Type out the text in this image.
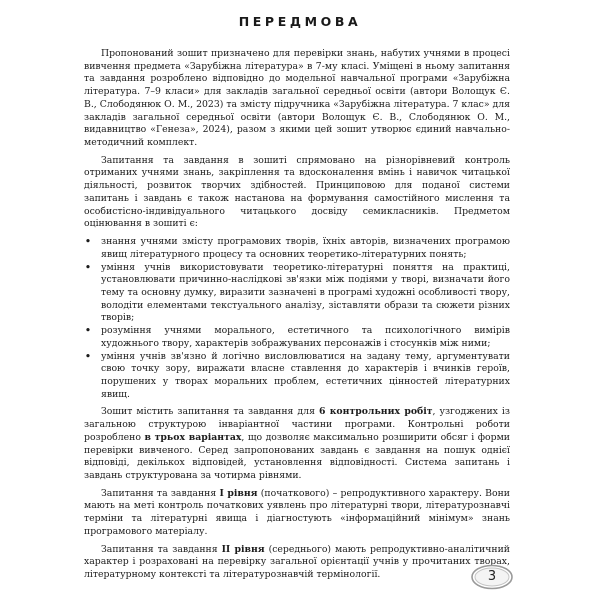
ПЕРЕДМОВА

Пропонований зошит призначено для перевірки знань, набутих учнями в процесі вивчення предмета «Зарубіжна література» в 7-му класі. Уміщені в ньому запитання та завдання розроблено відповідно до модельної навчальної програми «Зарубіжна література. 7–9 класи» для закладів загальної середньої освіти (автори Волощук Є. В., Слободянюк О. М., 2023) та змісту підручника «Зарубіжна література. 7 клас» для закладів загальної середньої освіти (автори Волощук Є. В., Слободянюк О. М., видавництво «Генеза», 2024), разом з якими цей зошит утворює єдиний навчально-методичний комплект.

Запитання та завдання в зошиті спрямовано на різнорівневий контроль отриманих учнями знань, закріплення та вдосконалення вмінь і навичок читацької діяльності, розвиток творчих здібностей. Принциповою для поданої системи запитань і завдань є також настанова на формування самостійного мислення та особистісно-індивідуального читацького досвіду семикласників. Предметом оцінювання в зошиті є:

• знання учнями змісту програмових творів, їхніх авторів, визначених програмою явищ літературного процесу та основних теоретико-літературних понять;
• уміння учнів використовувати теоретико-літературні поняття на практиці, установлювати причинно-наслідкові зв'язки між подіями у творі, визначати його тему та основну думку, виразити зазначені в програмі художні особливості твору, володіти елементами текстуального аналізу, зіставляти образи та сюжети різних творів;
• розуміння учнями морального, естетичного та психологічного вимірів художнього твору, характерів зображуваних персонажів і стосунків між ними;
• уміння учнів зв'язно й логічно висловлюватися на задану тему, аргументувати свою точку зору, виражати власне ставлення до характерів і вчинків героїв, порушених у творах моральних проблем, естетичних цінностей літературних явищ.

Зошит містить запитання та завдання для 6 контрольних робіт, узгоджених із загальною структурою інваріантної частини програми. Контрольні роботи розроблено в трьох варіантах, що дозволяє максимально розширити обсяг і форми перевірки вивченого. Серед запропонованих завдань є завдання на пошук однієї відповіді, декількох відповідей, установлення відповідності. Система запитань і завдань структурована за чотирма рівнями.

Запитання та завдання I рівня (початкового) – репродуктивного характеру. Вони мають на меті контроль початкових уявлень про літературні твори, літературознавчі терміни та літературні явища і діагностують «інформаційний мінімум» знань програмового матеріалу.

Запитання та завдання II рівня (середнього) мають репродуктивно-аналітичний характер і розраховані на перевірку загальної орієнтації учнів у прочитаних творах, літературному контексті та літературознавчій термінології.	3
